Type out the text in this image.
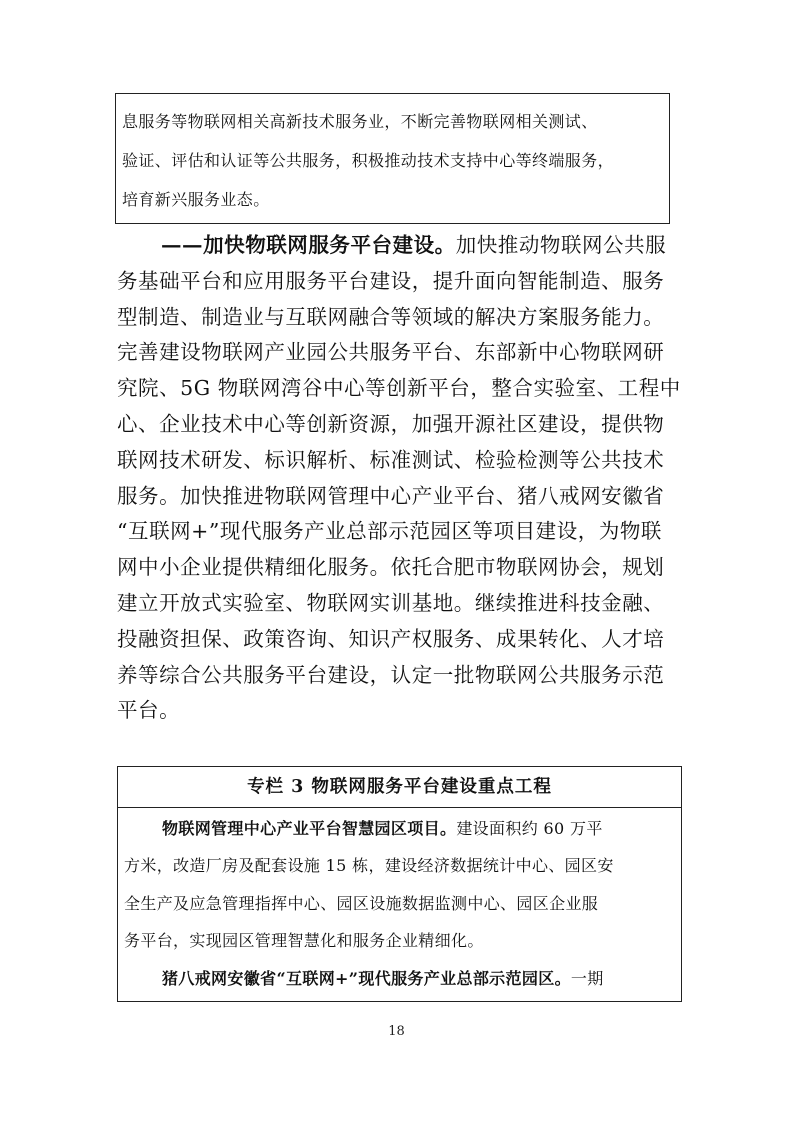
息服务等物联网相关高新技术服务业，不断完善物联网相关测试、
验证、评估和认证等公共服务，积极推动技术支持中心等终端服务，
培育新兴服务业态。
——加快物联网服务平台建设。加快推动物联网公共服
务基础平台和应用服务平台建设，提升面向智能制造、服务
型制造、制造业与互联网融合等领域的解决方案服务能力。
完善建设物联网产业园公共服务平台、东部新中心物联网研
究院、5G 物联网湾谷中心等创新平台，整合实验室、工程中
心、企业技术中心等创新资源，加强开源社区建设，提供物
联网技术研发、标识解析、标准测试、检验检测等公共技术
服务。加快推进物联网管理中心产业平台、猪八戒网安徽省
“互联网+”现代服务产业总部示范园区等项目建设，为物联
网中小企业提供精细化服务。依托合肥市物联网协会，规划
建立开放式实验室、物联网实训基地。继续推进科技金融、
投融资担保、政策咨询、知识产权服务、成果转化、人才培
养等综合公共服务平台建设，认定一批物联网公共服务示范
平台。
专栏 3 物联网服务平台建设重点工程
物联网管理中心产业平台智慧园区项目。建设面积约 60 万平
方米，改造厂房及配套设施 15 栋，建设经济数据统计中心、园区安
全生产及应急管理指挥中心、园区设施数据监测中心、园区企业服
务平台，实现园区管理智慧化和服务企业精细化。
猪八戒网安徽省“互联网+”现代服务产业总部示范园区。一期
18
